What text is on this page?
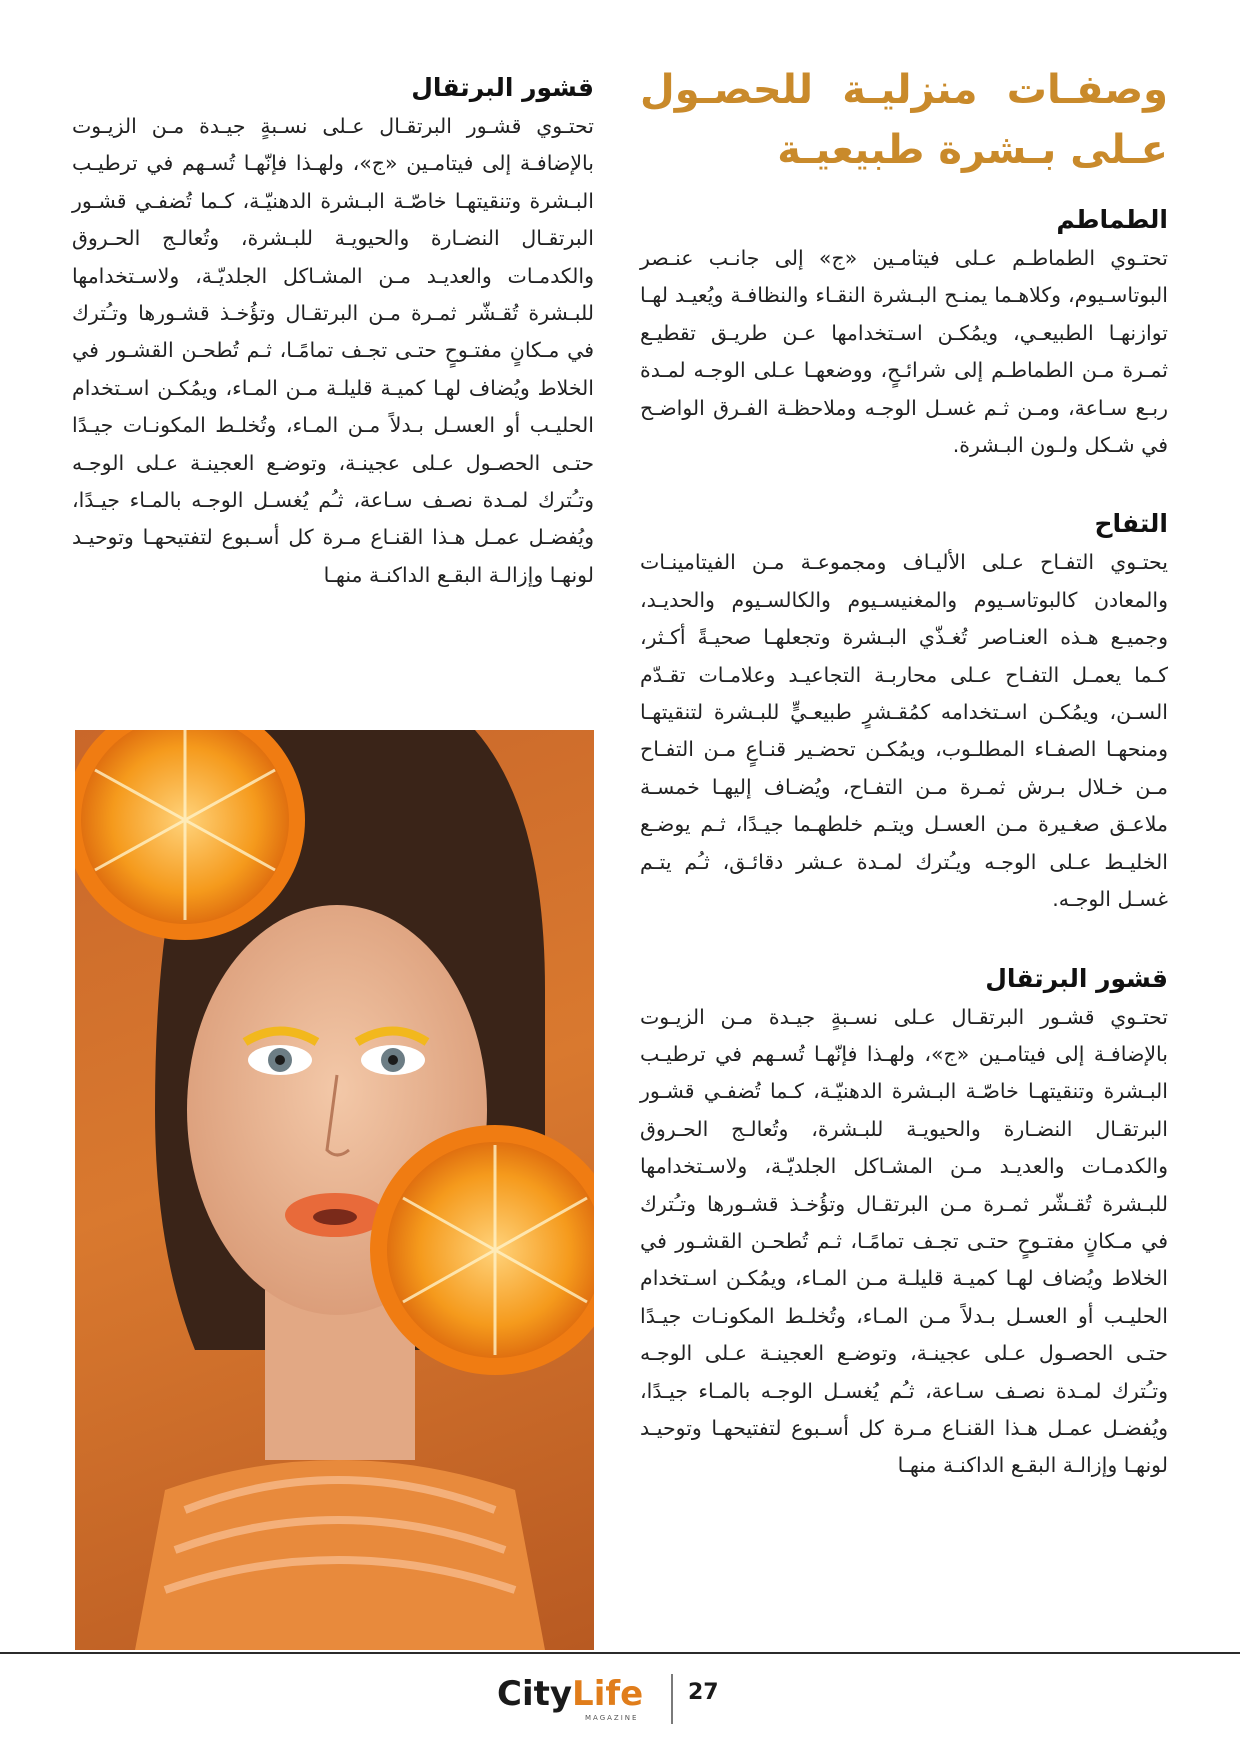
وصفـات منزليـة للحصـول عـلى بـشرة طبيعيـة
الطماطم

تحتـوي الطماطـم عـلى فيتامـين «ج» إلى جانـب عنـصر البوتاسـيوم، وكلاهـما يمنـح البـشرة النقـاء والنظافـة ويُعيـد لهـا توازنهـا الطبيعـي، ويمُكـن اسـتخدامها عـن طريـق تقطيـع ثمـرة مـن الطماطـم إلى شرائـحٍ، ووضعهـا عـلى الوجـه لمـدة ربـع سـاعة، ومـن ثـم غسـل الوجـه وملاحظـة الفـرق الواضـح في شـكل ولـون البـشرة.

التفاح

يحتـوي التفـاح عـلى الأليـاف ومجموعـة مـن الفيتامينـات والمعادن كالبوتاسـيوم والمغنيسـيوم والكالسـيوم والحديـد، وجميـع هـذه العنـاصر تُغـذّي البـشرة وتجعلهـا صحيـةً أكـثر، كـما يعمـل التفـاح عـلى محاربـة التجاعيـد وعلامـات تقـدّم السـن، ويمُكـن اسـتخدامه كمُقـشرٍ طبيعـيٍّ للبـشرة لتنقيتهـا ومنحهـا الصفـاء المطلـوب، ويمُكـن تحضـير قنـاعٍ مـن التفـاح مـن خـلال بـرش ثمـرة مـن التفـاح، ويُضـاف إليهـا خمسـة ملاعـق صغـيرة مـن العسـل ويتـم خلطهـما جيـدًا، ثـم يوضـع الخليـط عـلى الوجـه ويـُترك لمـدة عـشر دقائـق، ثـُم يتـم غسـل الوجـه.

قشور البرتقال

تحتـوي قشـور البرتقـال عـلى نسـبةٍ جيـدة مـن الزيـوت بالإضافـة إلى فيتامـين «ج»، ولهـذا فإنّهـا تُسـهم في ترطيـب البـشرة وتنقيتهـا خاصّـة البـشرة الدهنيّـة، كـما تُضفـي قشـور البرتقـال النضـارة والحيويـة للبـشرة، وتُعالـج الحـروق والكدمـات والعديـد مـن المشـاكل الجلديّـة، ولاسـتخدامها للبـشرة تُقـشّر ثمـرة مـن البرتقـال وتؤُخـذ قشـورها وتـُترك في مـكانٍ مفتـوحٍ حتـى تجـف تمامًـا، ثـم تُطحـن القشـور في الخلاط ويُضاف لهـا كميـة قليلـة مـن المـاء، ويمُكـن اسـتخدام الحليـب أو العسـل بـدلاً مـن المـاء، وتُخلـط المكونـات جيـدًا حتـى الحصـول عـلى عجينـة، وتوضـع العجينـة عـلى الوجـه وتـُترك لمـدة نصـف سـاعة، ثـُم يُغسـل الوجـه بالمـاء جيـدًا، ويُفضـل عمـل هـذا القنـاع مـرة كل أسـبوع لتفتيحهـا وتوحيـد لونهـا وإزالـة البقـع الداكنـة منهـا

قشور البرتقال

تحتـوي قشـور البرتقـال عـلى نسـبةٍ جيـدة مـن الزيـوت بالإضافـة إلى فيتامـين «ج»، ولهـذا فإنّهـا تُسـهم في ترطيـب البـشرة وتنقيتهـا خاصّـة البـشرة الدهنيّـة، كـما تُضفـي قشـور البرتقـال النضـارة والحيويـة للبـشرة، وتُعالـج الحـروق والكدمـات والعديـد مـن المشـاكل الجلديّـة، ولاسـتخدامها للبـشرة تُقـشّر ثمـرة مـن البرتقـال وتؤُخـذ قشـورها وتـُترك في مـكانٍ مفتـوحٍ حتـى تجـف تمامًـا، ثـم تُطحـن القشـور في الخلاط ويُضاف لهـا كميـة قليلـة مـن المـاء، ويمُكـن اسـتخدام الحليـب أو العسـل بـدلاً مـن المـاء، وتُخلـط المكونـات جيـدًا حتـى الحصـول عـلى عجينـة، وتوضـع العجينـة عـلى الوجـه وتـُترك لمـدة نصـف سـاعة، ثـُم يُغسـل الوجـه بالمـاء جيـدًا، ويُفضـل عمـل هـذا القنـاع مـرة كل أسـبوع لتفتيحهـا وتوحيـد لونهـا وإزالـة البقـع الداكنـة منهـا

CityLife
MAGAZINE
27
